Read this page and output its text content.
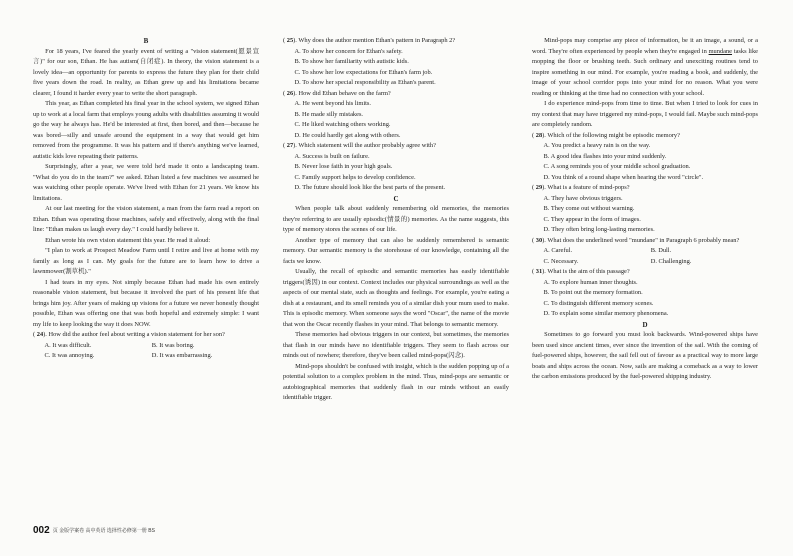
B

For 18 years, I've feared the yearly event of writing a "vision statement(愿景宣言)" for our son, Ethan. He has autism(自闭症). In theory, the vision statement is a lovely idea—an opportunity for parents to express the future they plan for their child five years down the road. In reality, as Ethan grew up and his limitations became clearer, I found it harder every year to write the short paragraph.

This year, as Ethan completed his final year in the school system, we signed Ethan up to work at a local farm that employs young adults with disabilities assuming it would go the way he always has. He'd be interested at first, then bored, and then—because he was bored—silly and unsafe around the equipment in a way that would get him removed from the programme. It was his pattern and if there's anything we've learned, autistic kids love repeating their patterns.

Surprisingly, after a year, we were told he'd made it onto a landscaping team. "What do you do in the team?" we asked. Ethan listed a few machines we assumed he was watching other people operate. We've lived with Ethan for 21 years. We know his limitations.

At our last meeting for the vision statement, a man from the farm read a report on Ethan. Ethan was operating those machines, safely and effectively, along with the final line: "Ethan makes us laugh every day." I could hardly believe it.

Ethan wrote his own vision statement this year. He read it aloud:

"I plan to work at Prospect Meadow Farm until I retire and live at home with my family as long as I can. My goals for the future are to learn how to drive a lawnmower(割草机)."

I had tears in my eyes. Not simply because Ethan had made his own entirely reasonable vision statement, but because it involved the part of his present life that brings him joy. After years of making up visions for a future we never honestly thought possible, Ethan was offering one that was both hopeful and extremely simple: I want my life to keep looking the way it does NOW.

( 24). How did the author feel about writing a vision statement for her son?

A. It was difficult.	B. It was boring.
C. It was annoying.	D. It was embarrassing.

( 25). Why does the author mention Ethan's pattern in Paragraph 2?

A. To show her concern for Ethan's safety.

B. To show her familiarity with autistic kids.

C. To show her low expectations for Ethan's farm job.

D. To show her special responsibility as Ethan's parent.

( 26). How did Ethan behave on the farm?

A. He went beyond his limits.

B. He made silly mistakes.

C. He liked watching others working.

D. He could hardly get along with others.

( 27). Which statement will the author probably agree with?

A. Success is built on failure.

B. Never lose faith in your high goals.

C. Family support helps to develop confidence.

D. The future should look like the best parts of the present.

C

When people talk about suddenly remembering old memories, the memories they're referring to are usually episodic(情景的) memories. As the name suggests, this type of memory stores the scenes of our life.

Another type of memory that can also be suddenly remembered is semantic memory. Our semantic memory is the storehouse of our knowledge, containing all the facts we know.

Usually, the recall of episodic and semantic memories has easily identifiable triggers(诱因) in our context. Context includes our physical surroundings as well as the aspects of our mental state, such as thoughts and feelings. For example, you're eating a dish at a restaurant, and its smell reminds you of a similar dish your mum used to make. This is episodic memory. When someone says the word "Oscar", the name of the movie that won the Oscar recently flashes in your mind. That belongs to semantic memory.

These memories had obvious triggers in our context, but sometimes, the memories that flash in our minds have no identifiable triggers. They seem to flash across our minds out of nowhere; therefore, they've been called mind-pops(闪念).

Mind-pops shouldn't be confused with insight, which is the sudden popping up of a potential solution to a complex problem in the mind. Thus, mind-pops are semantic or autobiographical memories that suddenly flash in our minds without an easily identifiable trigger.

Mind-pops may comprise any piece of information, be it an image, a sound, or a word. They're often experienced by people when they're engaged in mundane tasks like mopping the floor or brushing teeth. Such ordinary and unexciting routines tend to inspire something in our mind. For example, you're reading a book, and suddenly, the image of your school corridor pops into your mind for no reason. What you were reading or thinking at the time had no connection with your school.

I do experience mind-pops from time to time. But when I tried to look for cues in my context that may have triggered my mind-pops, I would fail. Maybe such mind-pops are completely random.

( 28). Which of the following might be episodic memory?

A. You predict a heavy rain is on the way.

B. A good idea flashes into your mind suddenly.

C. A song reminds you of your middle school graduation.

D. You think of a round shape when hearing the word "circle".

( 29). What is a feature of mind-pops?

A. They have obvious triggers.

B. They come out without warning.

C. They appear in the form of images.

D. They often bring long-lasting memories.

( 30). What does the underlined word "mundane" in Paragraph 6 probably mean?

A. Careful.	B. Dull.
C. Necessary.	D. Challenging.

( 31). What is the aim of this passage?

A. To explore human inner thoughts.

B. To point out the memory formation.

C. To distinguish different memory scenes.

D. To explain some similar memory phenomena.

D

Sometimes to go forward you must look backwards. Wind-powered ships have been used since ancient times, ever since the invention of the sail. With the coming of fuel-powered ships, however, the sail fell out of favour as a practical way to more large boats and ships across the ocean. Now, sails are making a comeback as a way to lower the carbon emissions produced by the fuel-powered shipping industry.

002 页 金版学案卷 高中英语 选择性必修第一册 BS
